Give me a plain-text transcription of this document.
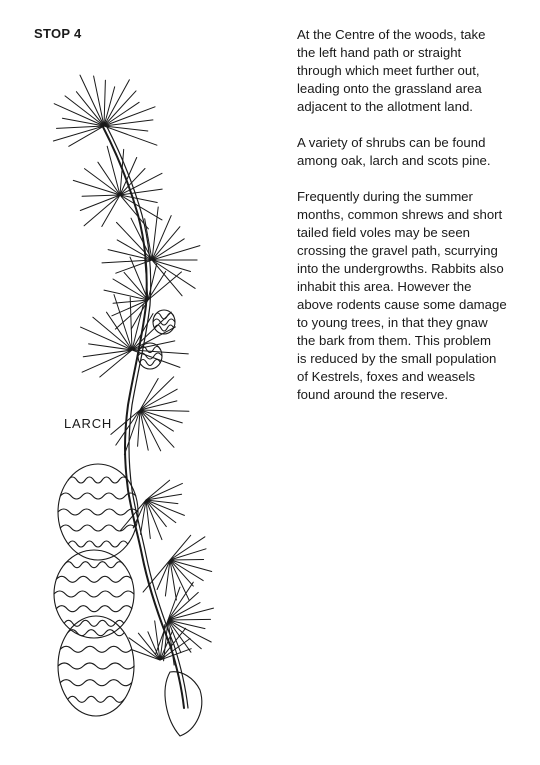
STOP 4	At the Centre of the woods, take
the left hand path or straight
through which meet further out,
leading onto the grassland area
adjacent to the allotment land.

A variety of shrubs can be found
among oak, larch and scots pine.

Frequently during the summer
months, common shrews and short
tailed field voles may be seen
crossing the gravel path, scurrying
into the undergrowths. Rabbits also
inhabit this area. However the
above rodents cause some damage
to young trees, in that they gnaw
the bark from them. This problem
is reduced by the small population
of Kestrels, foxes and weasels
found around the reserve.

LARCH
